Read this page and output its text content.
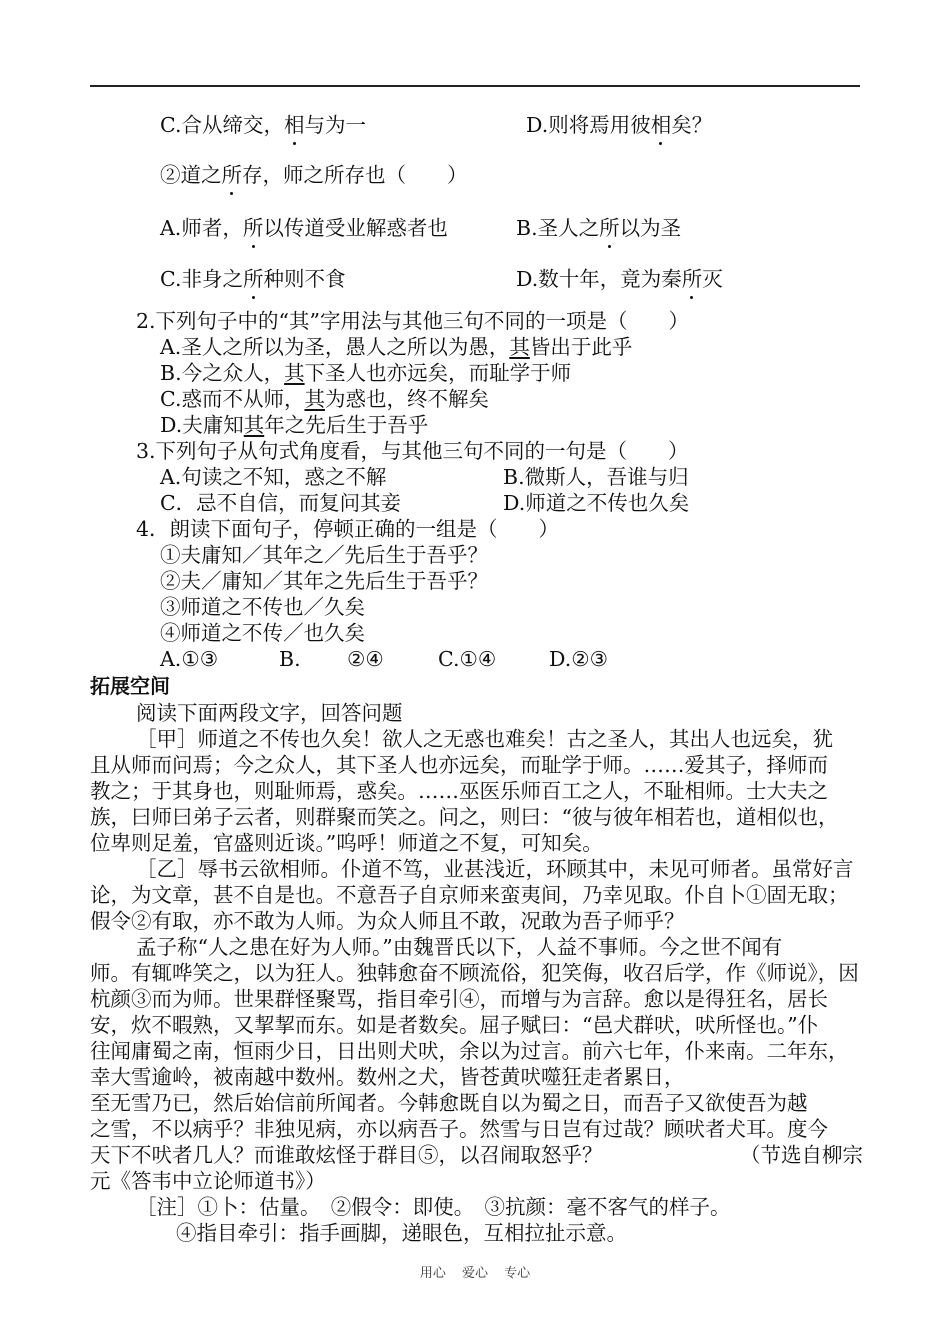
C.合从缔交，相与为一	D.则将焉用彼相矣？
②道之所存，师之所存也（　　）
A.师者，所以传道受业解惑者也	B.圣人之所以为圣
C.非身之所种则不食	D.数十年，竟为秦所灭
2.下列句子中的“其”字用法与其他三句不同的一项是（　　）
A.圣人之所以为圣，愚人之所以为愚，其皆出于此乎
B.今之众人，其下圣人也亦远矣，而耻学于师
C.惑而不从师，其为惑也，终不解矣
D.夫庸知其年之先后生于吾乎
3.下列句子从句式角度看，与其他三句不同的一句是（　　）
A.句读之不知，惑之不解	B.微斯人，吾谁与归
C．忌不自信，而复问其妾	D.师道之不传也久矣
4．朗读下面句子，停顿正确的一组是（　　）
①夫庸知／其年之／先后生于吾乎？
②夫／庸知／其年之先后生于吾乎？
③师道之不传也／久矣
④师道之不传／也久矣
A.①③	B. ②④	C.①④	D.②③
拓展空间
阅读下面两段文字，回答问题
［甲］师道之不传也久矣！欲人之无惑也难矣！古之圣人，其出人也远矣，犹
且从师而问焉；今之众人，其下圣人也亦远矣，而耻学于师。……爱其子，择师而
教之；于其身也，则耻师焉，惑矣。……巫医乐师百工之人，不耻相师。士大夫之
族，曰师曰弟子云者，则群聚而笑之。问之，则曰：“彼与彼年相若也，道相似也，
位卑则足羞，官盛则近谈。”呜呼！师道之不复，可知矣。
［乙］辱书云欲相师。仆道不笃，业甚浅近，环顾其中，未见可师者。虽常好言
论，为文章，甚不自是也。不意吾子自京师来蛮夷间，乃幸见取。仆自卜①固无取；
假令②有取，亦不敢为人师。为众人师且不敢，况敢为吾子师乎？
孟子称“人之患在好为人师。”由魏晋氏以下，人益不事师。今之世不闻有
师。有辄哗笑之，以为狂人。独韩愈奋不顾流俗，犯笑侮，收召后学，作《师说》，因
杭颜③而为师。世果群怪聚骂，指目牵引④，而增与为言辞。愈以是得狂名，居长
安，炊不暇熟，又挈挈而东。如是者数矣。屈子赋曰：“邑犬群吠，吠所怪也。”仆
往闻庸蜀之南，恒雨少日，日出则犬吠，余以为过言。前六七年，仆来南。二年东，
幸大雪逾岭，被南越中数州。数州之犬，皆苍黄吠噬狂走者累日，
至无雪乃已，然后始信前所闻者。今韩愈既自以为蜀之日，而吾子又欲使吾为越
之雪，不以病乎？非独见病，亦以病吾子。然雪与日岂有过哉？顾吠者犬耳。度今
天下不吠者几人？而谁敢炫怪于群目⑤，以召闹取怒乎？	（节选自柳宗
元《答韦中立论师道书》）
［注］①卜：估量。　②假令：即使。　③抗颜：毫不客气的样子。
④指目牵引：指手画脚，递眼色，互相拉扯示意。
用心 爱心 专心
